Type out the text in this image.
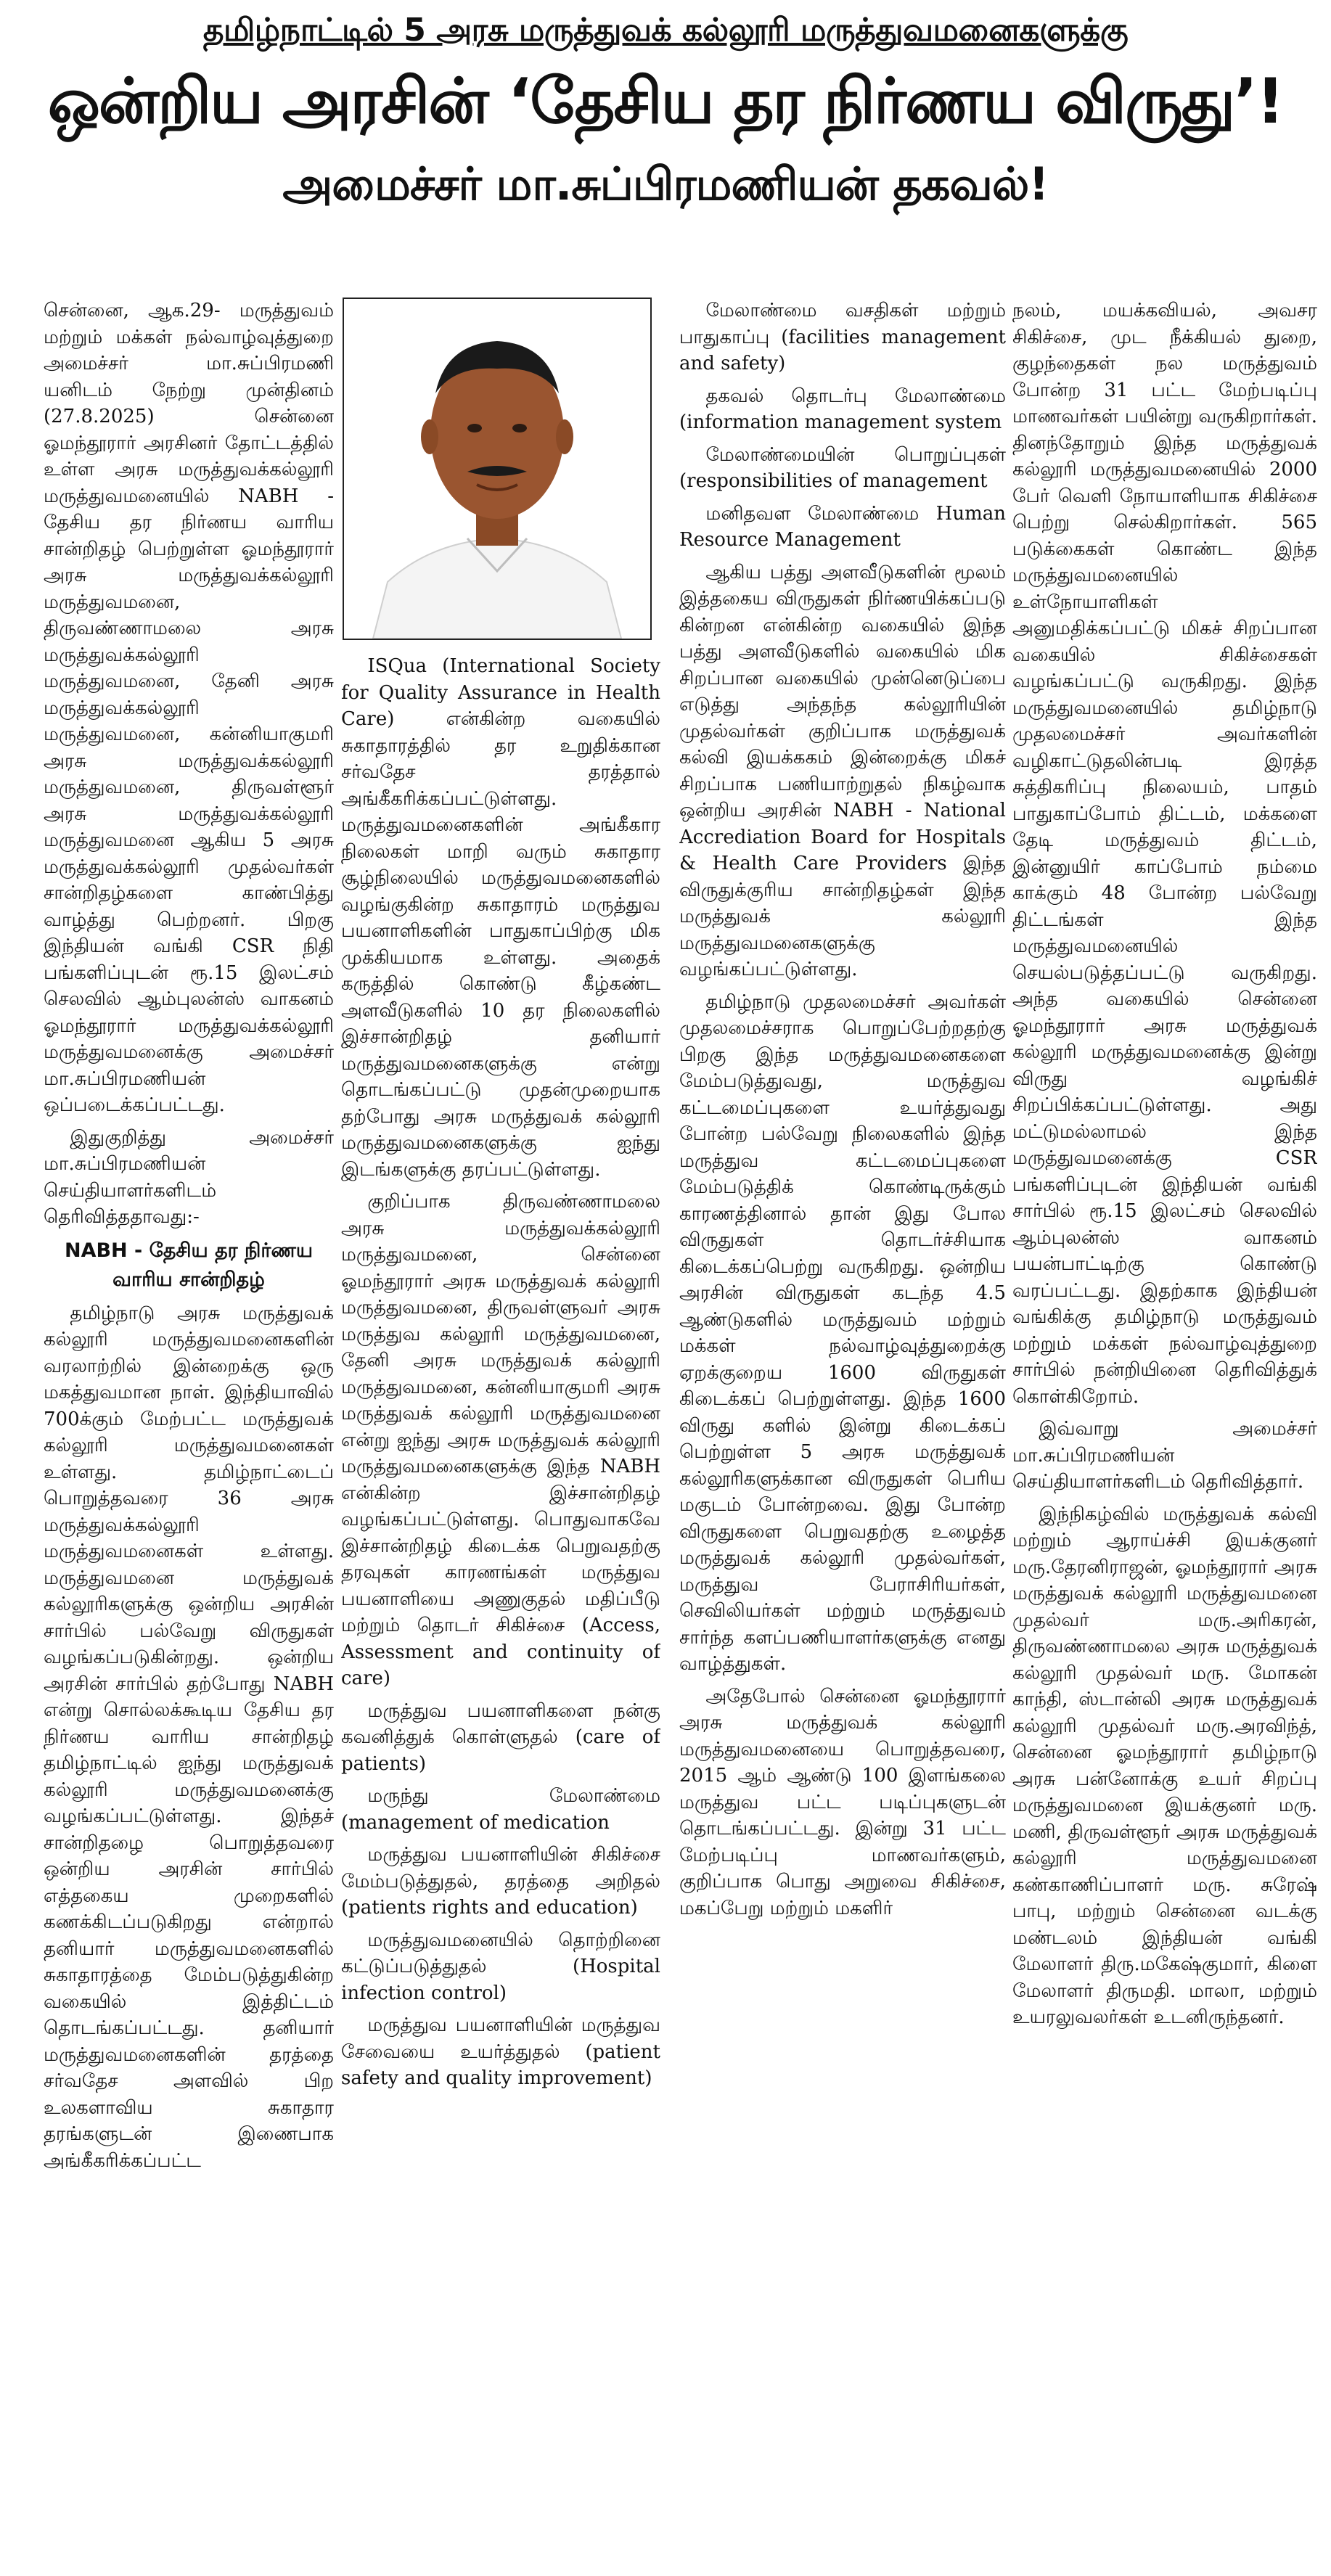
தமிழ்நாட்டில் 5 அரசு மருத்துவக் கல்லூரி மருத்துவமனைகளுக்கு
ஒன்றிய அரசின் ‘தேசிய தர நிர்ணய விருது’!
அமைச்சர் மா.சுப்பிரமணியன் தகவல்!

சென்னை, ஆக.29- மருத்துவம் மற்றும் மக்கள் நல்வாழ்வுத்துறை அமைச்சர் மா.சுப்பிரமணி யனிடம் நேற்று முன்தினம் (27.8.2025) சென்னை ஓமந்தூரார் அரசினர் தோட்டத்தில் உள்ள அரசு மருத்துவக்கல்லூரி மருத்துவமனையில் NABH - தேசிய தர நிர்ணய வாரிய சான்றிதழ் பெற்றுள்ள ஓமந்தூரார் அரசு மருத்துவக்கல்லூரி மருத்துவமனை, திருவண்ணாமலை அரசு மருத்துவக்கல்லூரி மருத்துவமனை, தேனி அரசு மருத்துவக்கல்லூரி மருத்துவமனை, கன்னியாகுமரி அரசு மருத்துவக்கல்லூரி மருத்துவமனை, திருவள்ளூர் அரசு மருத்துவக்கல்லூரி மருத்துவமனை ஆகிய 5 அரசு மருத்துவக்கல்லூரி முதல்வர்கள் சான்றிதழ்களை காண்பித்து வாழ்த்து பெற்றனர். பிறகு இந்தியன் வங்கி CSR நிதி பங்களிப்புடன் ரூ.15 இலட்சம் செலவில் ஆம்புலன்ஸ் வாகனம் ஓமந்தூரார் மருத்துவக்கல்லூரி மருத்துவமனைக்கு அமைச்சர் மா.சுப்பிரமணியன் ஒப்படைக்கப்பட்டது.

இதுகுறித்து அமைச்சர் மா.சுப்பிரமணியன் செய்தியாளர்களிடம் தெரிவித்ததாவது:-

NABH - தேசிய தர நிர்ணய வாரிய சான்றிதழ்

தமிழ்நாடு அரசு மருத்துவக் கல்லூரி மருத்துவமனைகளின் வரலாற்றில் இன்றைக்கு ஒரு மகத்துவமான நாள். இந்தியாவில் 700க்கும் மேற்பட்ட மருத்துவக் கல்லூரி மருத்துவமனைகள் உள்ளது. தமிழ்நாட்டைப் பொறுத்தவரை 36 அரசு மருத்துவக்கல்லூரி மருத்துவமனைகள் உள்ளது. மருத்துவமனை மருத்துவக் கல்லூரிகளுக்கு ஒன்றிய அரசின் சார்பில் பல்வேறு விருதுகள் வழங்கப்படுகின்றது. ஒன்றிய அரசின் சார்பில் தற்போது NABH என்று சொல்லக்கூடிய தேசிய தர நிர்ணய வாரிய சான்றிதழ் தமிழ்நாட்டில் ஐந்து மருத்துவக் கல்லூரி மருத்துவமனைக்கு வழங்கப்பட்டுள்ளது. இந்தச் சான்றிதழை பொறுத்தவரை ஒன்றிய அரசின் சார்பில் எத்தகைய முறைகளில் கணக்கிடப்படுகிறது என்றால் தனியார் மருத்துவமனைகளில் சுகாதாரத்தை மேம்படுத்துகின்ற வகையில் இத்திட்டம் தொடங்கப்பட்டது. தனியார் மருத்துவமனைகளின் தரத்தை சர்வதேச அளவில் பிற உலகளாவிய சுகாதார தரங்களுடன் இணைபாக அங்கீகரிக்கப்பட்ட

ISQua (International Society for Quality Assurance in Health Care) என்கின்ற வகையில் சுகாதாரத்தில் தர உறுதிக்கான சர்வதேச தரத்தால் அங்கீகரிக்கப்பட்டுள்ளது. மருத்துவமனைகளின் அங்கீகார நிலைகள் மாறி வரும் சுகாதார சூழ்நிலையில் மருத்துவமனைகளில் வழங்குகின்ற சுகாதாரம் மருத்துவ பயனாளிகளின் பாதுகாப்பிற்கு மிக முக்கியமாக உள்ளது. அதைக் கருத்தில் கொண்டு கீழ்கண்ட அளவீடுகளில் 10 தர நிலைகளில் இச்சான்றிதழ் தனியார் மருத்துவமனைகளுக்கு என்று தொடங்கப்பட்டு முதன்முறையாக தற்போது அரசு மருத்துவக் கல்லூரி மருத்துவமனைகளுக்கு ஐந்து இடங்களுக்கு தரப்பட்டுள்ளது.

குறிப்பாக திருவண்ணாமலை அரசு மருத்துவக்கல்லூரி மருத்துவமனை, சென்னை ஓமந்தூரார் அரசு மருத்துவக் கல்லூரி மருத்துவமனை, திருவள்ளுவர் அரசு மருத்துவ கல்லூரி மருத்துவமனை, தேனி அரசு மருத்துவக் கல்லூரி மருத்துவமனை, கன்னியாகுமரி அரசு மருத்துவக் கல்லூரி மருத்துவமனை என்று ஐந்து அரசு மருத்துவக் கல்லூரி மருத்துவமனைகளுக்கு இந்த NABH என்கின்ற இச்சான்றிதழ் வழங்கப்பட்டுள்ளது. பொதுவாகவே இச்சான்றிதழ் கிடைக்க பெறுவதற்கு தரவுகள் காரணங்கள் மருத்துவ பயனாளியை அணுகுதல் மதிப்பீடு மற்றும் தொடர் சிகிச்சை (Access, Assessment and continuity of care)

மருத்துவ பயனாளிகளை நன்கு கவனித்துக் கொள்ளுதல் (care of patients)

மருந்து மேலாண்மை (management of medication

மருத்துவ பயனாளியின் சிகிச்சை மேம்படுத்துதல், தரத்தை அறிதல் (patients rights and education)

மருத்துவமனையில் தொற்றினை கட்டுப்படுத்துதல் (Hospital infection control)

மருத்துவ பயனாளியின் மருத்துவ சேவையை உயர்த்துதல் (patient safety and quality improvement)

மேலாண்மை வசதிகள் மற்றும் பாதுகாப்பு (facilities management and safety)

தகவல் தொடர்பு மேலாண்மை (information management system

மேலாண்மையின் பொறுப்புகள் (responsibilities of management

மனிதவள மேலாண்மை Human Resource Management

ஆகிய பத்து அளவீடுகளின் மூலம் இத்தகைய விருதுகள் நிர்ணயிக்கப்படு கின்றன என்கின்ற வகையில் இந்த பத்து அளவீடுகளில் வகையில் மிக சிறப்பான வகையில் முன்னெடுப்பை எடுத்து அந்தந்த கல்லூரியின் முதல்வர்கள் குறிப்பாக மருத்துவக் கல்வி இயக்ககம் இன்றைக்கு மிகச் சிறப்பாக பணியாற்றுதல் நிகழ்வாக ஒன்றிய அரசின் NABH - National Accrediation Board for Hospitals & Health Care Providers இந்த விருதுக்குரிய சான்றிதழ்கள் இந்த மருத்துவக் கல்லூரி மருத்துவமனைகளுக்கு வழங்கப்பட்டுள்ளது.

தமிழ்நாடு முதலமைச்சர் அவர்கள் முதலமைச்சராக பொறுப்பேற்றதற்கு பிறகு இந்த மருத்துவமனைகளை மேம்படுத்துவது, மருத்துவ கட்டமைப்புகளை உயர்த்துவது போன்ற பல்வேறு நிலைகளில் இந்த மருத்துவ கட்டமைப்புகளை மேம்படுத்திக் கொண்டிருக்கும் காரணத்தினால் தான் இது போல விருதுகள் தொடர்ச்சியாக கிடைக்கப்பெற்று வருகிறது. ஒன்றிய அரசின் விருதுகள் கடந்த 4.5 ஆண்டுகளில் மருத்துவம் மற்றும் மக்கள் நல்வாழ்வுத்துறைக்கு ஏறக்குறைய 1600 விருதுகள் கிடைக்கப் பெற்றுள்ளது. இந்த 1600 விருது களில் இன்று கிடைக்கப் பெற்றுள்ள 5 அரசு மருத்துவக் கல்லூரிகளுக்கான விருதுகள் பெரிய மகுடம் போன்றவை. இது போன்ற விருதுகளை பெறுவதற்கு உழைத்த மருத்துவக் கல்லூரி முதல்வர்கள், மருத்துவ பேராசிரியர்கள், செவிலியர்கள் மற்றும் மருத்துவம் சார்ந்த களப்பணியாளர்களுக்கு எனது வாழ்த்துகள்.

அதேபோல் சென்னை ஓமந்தூரார் அரசு மருத்துவக் கல்லூரி மருத்துவமனையை பொறுத்தவரை, 2015 ஆம் ஆண்டு 100 இளங்கலை மருத்துவ பட்ட படிப்புகளுடன் தொடங்கப்பட்டது. இன்று 31 பட்ட மேற்படிப்பு மாணவர்களும், குறிப்பாக பொது அறுவை சிகிச்சை, மகப்பேறு மற்றும் மகளிர்

நலம், மயக்கவியல், அவசர சிகிச்சை, முட நீக்கியல் துறை, குழந்தைகள் நல மருத்துவம் போன்ற 31 பட்ட மேற்படிப்பு மாணவர்கள் பயின்று வருகிறார்கள். தினந்தோறும் இந்த மருத்துவக் கல்லூரி மருத்துவமனையில் 2000 பேர் வெளி நோயாளியாக சிகிச்சை பெற்று செல்கிறார்கள். 565 படுக்கைகள் கொண்ட இந்த மருத்துவமனையில் உள்நோயாளிகள் அனுமதிக்கப்பட்டு மிகச் சிறப்பான வகையில் சிகிச்சைகள் வழங்கப்பட்டு வருகிறது. இந்த மருத்துவமனையில் தமிழ்நாடு முதலமைச்சர் அவர்களின் வழிகாட்டுதலின்படி இரத்த சுத்திகரிப்பு நிலையம், பாதம் பாதுகாப்போம் திட்டம், மக்களை தேடி மருத்துவம் திட்டம், இன்னுயிர் காப்போம் நம்மை காக்கும் 48 போன்ற பல்வேறு திட்டங்கள் இந்த மருத்துவமனையில் செயல்படுத்தப்பட்டு வருகிறது. அந்த வகையில் சென்னை ஓமந்தூரார் அரசு மருத்துவக் கல்லூரி மருத்துவமனைக்கு இன்று விருது வழங்கிச் சிறப்பிக்கப்பட்டுள்ளது. அது மட்டுமல்லாமல் இந்த மருத்துவமனைக்கு CSR பங்களிப்புடன் இந்தியன் வங்கி சார்பில் ரூ.15 இலட்சம் செலவில் ஆம்புலன்ஸ் வாகனம் பயன்பாட்டிற்கு கொண்டு வரப்பட்டது. இதற்காக இந்தியன் வங்கிக்கு தமிழ்நாடு மருத்துவம் மற்றும் மக்கள் நல்வாழ்வுத்துறை சார்பில் நன்றியினை தெரிவித்துக் கொள்கிறோம்.

இவ்வாறு அமைச்சர் மா.சுப்பிரமணியன் செய்தியாளர்களிடம் தெரிவித்தார்.

இந்நிகழ்வில் மருத்துவக் கல்வி மற்றும் ஆராய்ச்சி இயக்குனர் மரு.தேரனிராஜன், ஓமந்தூரார் அரசு மருத்துவக் கல்லூரி மருத்துவமனை முதல்வர் மரு.அரிகரன், திருவண்ணாமலை அரசு மருத்துவக் கல்லூரி முதல்வர் மரு. மோகன் காந்தி, ஸ்டான்லி அரசு மருத்துவக் கல்லூரி முதல்வர் மரு.அரவிந்த், சென்னை ஓமந்தூரார் தமிழ்நாடு அரசு பன்னோக்கு உயர் சிறப்பு மருத்துவமனை இயக்குனர் மரு. மணி, திருவள்ளூர் அரசு மருத்துவக் கல்லூரி மருத்துவமனை கண்காணிப்பாளர் மரு. சுரேஷ் பாபு, மற்றும் சென்னை வடக்கு மண்டலம் இந்தியன் வங்கி மேலாளர் திரு.மகேஷ்குமார், கிளை மேலாளர் திருமதி. மாலா, மற்றும் உயரலுவலர்கள் உடனிருந்தனர்.
